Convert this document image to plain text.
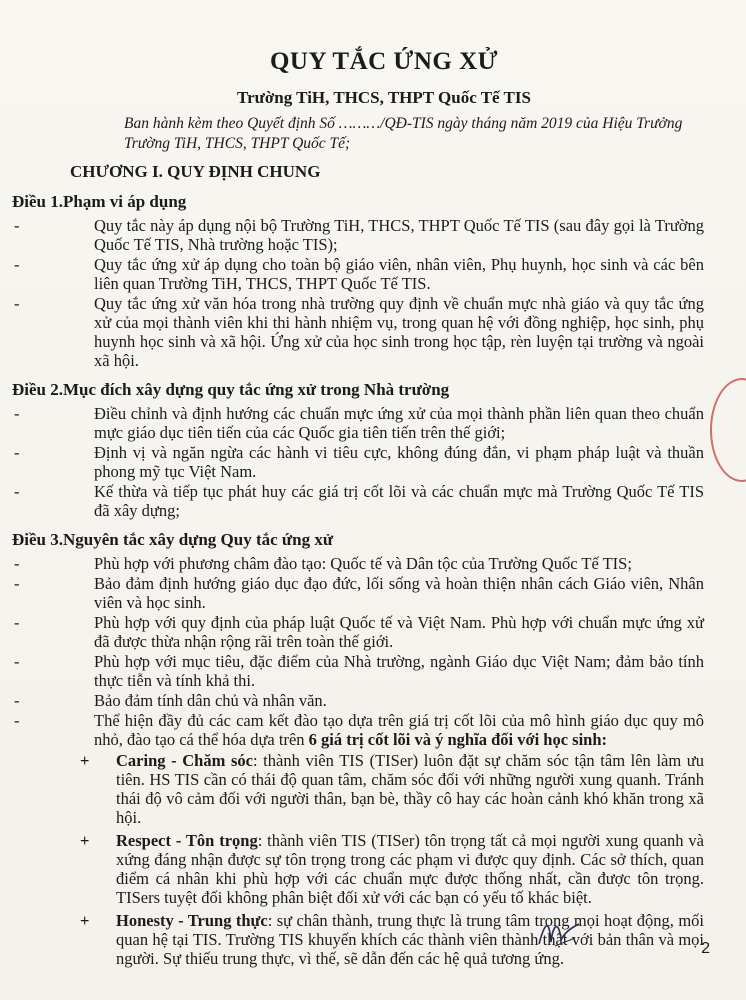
QUY TẮC ỨNG XỬ
Trường TiH, THCS, THPT Quốc Tế TIS
Ban hành kèm theo Quyết định Số ………/QĐ-TIS ngày tháng năm 2019 của Hiệu Trưởng Trường TiH, THCS, THPT Quốc Tế;
CHƯƠNG I. QUY ĐỊNH CHUNG
Điều 1.Phạm vi áp dụng
-	Quy tắc này áp dụng nội bộ Trường TiH, THCS, THPT Quốc Tế TIS (sau đây gọi là Trường Quốc Tế TIS, Nhà trường hoặc TIS);
-	Quy tắc ứng xử áp dụng cho toàn bộ giáo viên, nhân viên, Phụ huynh, học sinh và các bên liên quan Trường TiH, THCS, THPT Quốc Tế TIS.
-	Quy tắc ứng xử văn hóa trong nhà trường quy định về chuẩn mực nhà giáo và quy tắc ứng xử của mọi thành viên khi thi hành nhiệm vụ, trong quan hệ với đồng nghiệp, học sinh, phụ huynh học sinh và xã hội. Ứng xử của học sinh trong học tập, rèn luyện tại trường và ngoài xã hội.
Điều 2.Mục đích xây dựng quy tắc ứng xử trong Nhà trường
-	Điều chỉnh và định hướng các chuẩn mực ứng xử của mọi thành phần liên quan theo chuẩn mực giáo dục tiên tiến của các Quốc gia tiên tiến trên thế giới;
-	Định vị và ngăn ngừa các hành vi tiêu cực, không đúng đắn, vi phạm pháp luật và thuần phong mỹ tục Việt Nam.
-	Kế thừa và tiếp tục phát huy các giá trị cốt lõi và các chuẩn mực mà Trường Quốc Tế TIS đã xây dựng;
Điều 3.Nguyên tắc xây dựng Quy tắc ứng xử
-	Phù hợp với phương châm đào tạo: Quốc tế và Dân tộc của Trường Quốc Tế TIS;
-	Bảo đảm định hướng giáo dục đạo đức, lối sống và hoàn thiện nhân cách Giáo viên, Nhân viên và học sinh.
-	Phù hợp với quy định của pháp luật Quốc tế và Việt Nam. Phù hợp với chuẩn mực ứng xử đã được thừa nhận rộng rãi trên toàn thế giới.
-	Phù hợp với mục tiêu, đặc điểm của Nhà trường, ngành Giáo dục Việt Nam; đảm bảo tính thực tiễn và tính khả thi.
-	Bảo đảm tính dân chủ và nhân văn.
-	Thể hiện đầy đủ các cam kết đào tạo dựa trên giá trị cốt lõi của mô hình giáo dục quy mô nhỏ, đào tạo cá thể hóa dựa trên 6 giá trị cốt lõi và ý nghĩa đối với học sinh:
+ Caring - Chăm sóc: thành viên TIS (TISer) luôn đặt sự chăm sóc tận tâm lên làm ưu tiên. HS TIS cần có thái độ quan tâm, chăm sóc đối với những người xung quanh. Tránh thái độ vô cảm đối với người thân, bạn bè, thầy cô hay các hoàn cảnh khó khăn trong xã hội.
+ Respect - Tôn trọng: thành viên TIS (TISer) tôn trọng tất cả mọi người xung quanh và xứng đáng nhận được sự tôn trọng trong các phạm vi được quy định. Các sở thích, quan điểm cá nhân khi phù hợp với các chuẩn mực được thống nhất, cần được tôn trọng. TISers tuyệt đối không phân biệt đối xử với các bạn có yếu tố khác biệt.
+ Honesty - Trung thực: sự chân thành, trung thực là trung tâm trong mọi hoạt động, mối quan hệ tại TIS. Trường TIS khuyến khích các thành viên thành thật với bản thân và mọi người. Sự thiếu trung thực, vì thế, sẽ dẫn đến các hệ quả tương ứng.
2
